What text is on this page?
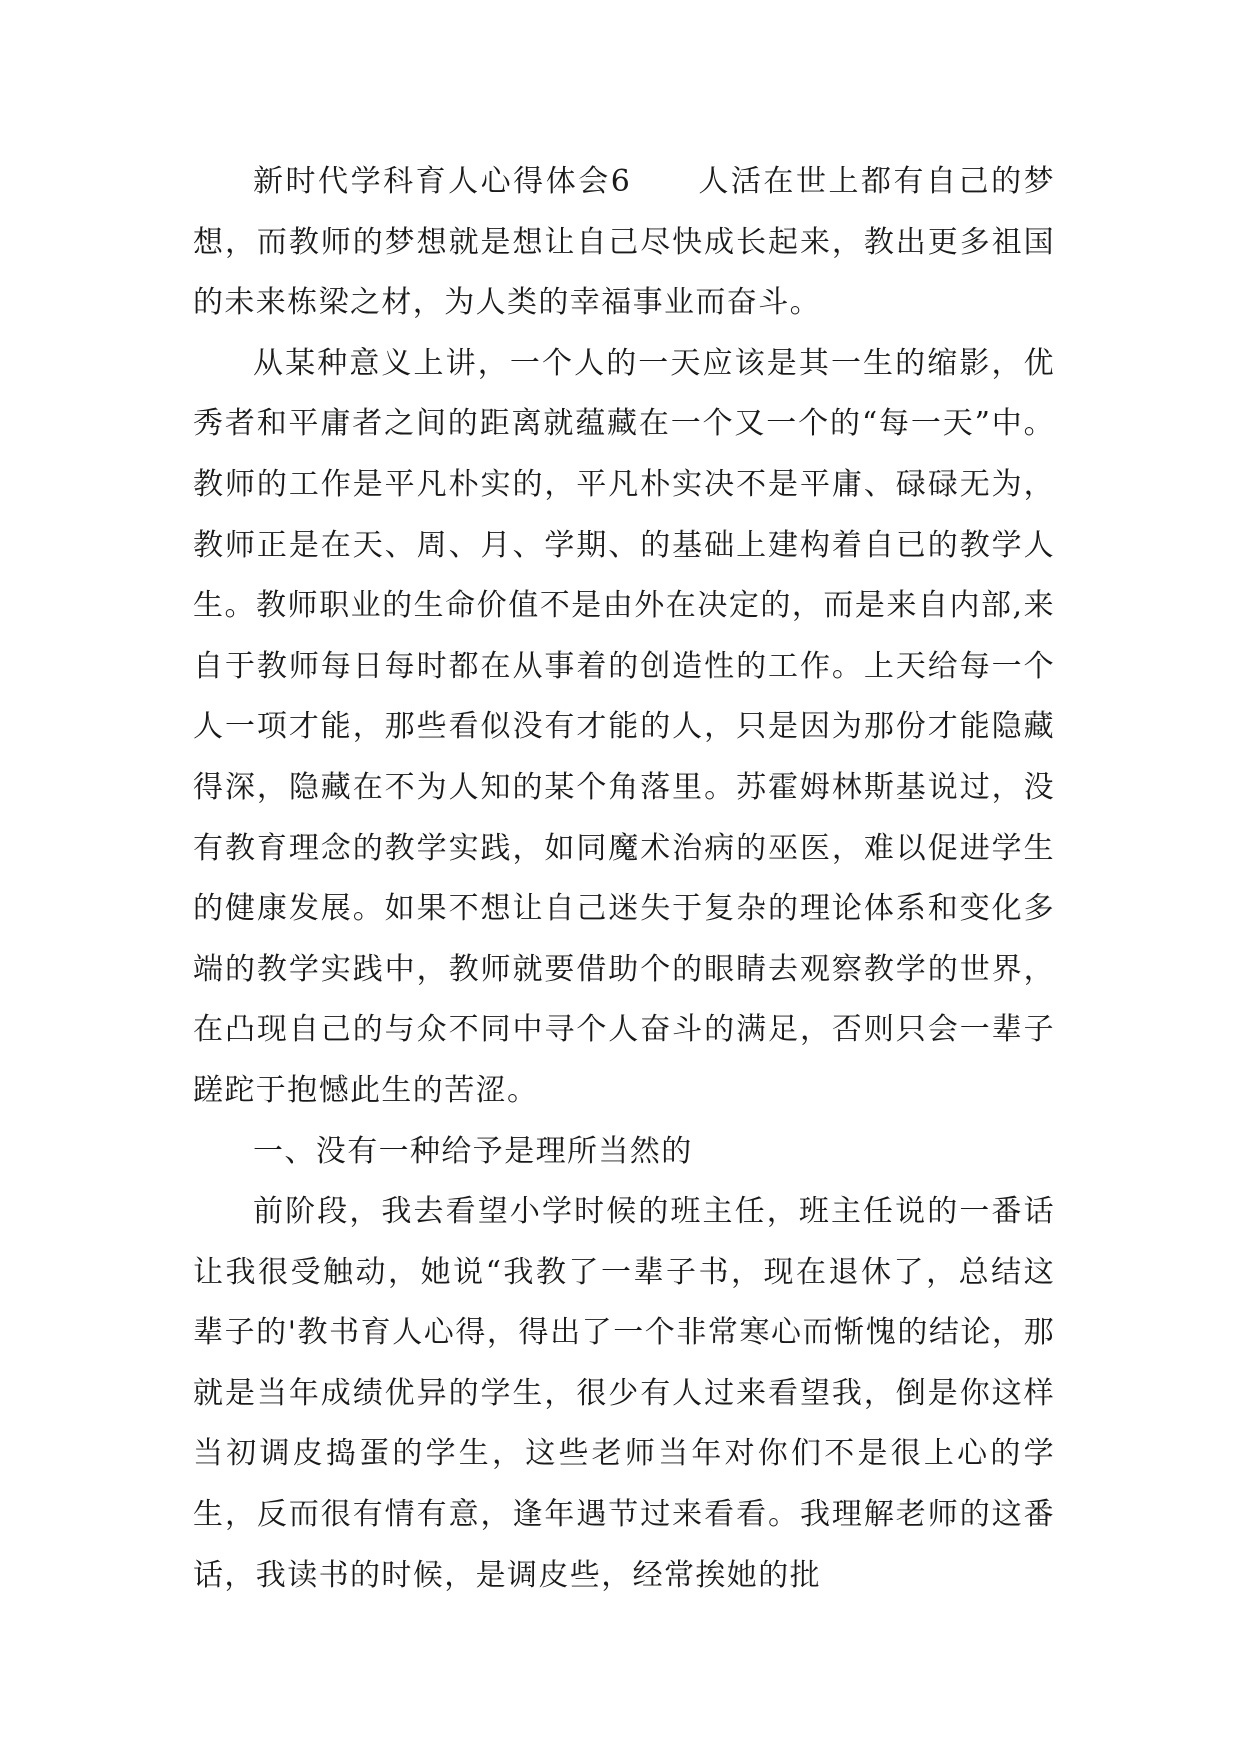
新时代学科育人心得体会6 人活在世上都有自己的梦想，而教师的梦想就是想让自己尽快成长起来，教出更多祖国的未来栋梁之材，为人类的幸福事业而奋斗。

从某种意义上讲，一个人的一天应该是其一生的缩影，优秀者和平庸者之间的距离就蕴藏在一个又一个的“每一天”中。教师的工作是平凡朴实的，平凡朴实决不是平庸、碌碌无为，教师正是在天、周、月、学期、的基础上建构着自已的教学人生。教师职业的生命价值不是由外在决定的，而是来自内部,来自于教师每日每时都在从事着的创造性的工作。上天给每一个人一项才能，那些看似没有才能的人，只是因为那份才能隐藏得深，隐藏在不为人知的某个角落里。苏霍姆林斯基说过，没有教育理念的教学实践，如同魔术治病的巫医，难以促进学生的健康发展。如果不想让自己迷失于复杂的理论体系和变化多端的教学实践中，教师就要借助个的眼睛去观察教学的世界，在凸现自己的与众不同中寻个人奋斗的满足，否则只会一辈子蹉跎于抱憾此生的苦涩。

一、没有一种给予是理所当然的

前阶段，我去看望小学时候的班主任，班主任说的一番话让我很受触动，她说“我教了一辈子书，现在退休了，总结这辈子的'教书育人心得，得出了一个非常寒心而惭愧的结论，那就是当年成绩优异的学生，很少有人过来看望我，倒是你这样当初调皮捣蛋的学生，这些老师当年对你们不是很上心的学生，反而很有情有意，逢年遇节过来看看。我理解老师的这番话，我读书的时候，是调皮些，经常挨她的批
